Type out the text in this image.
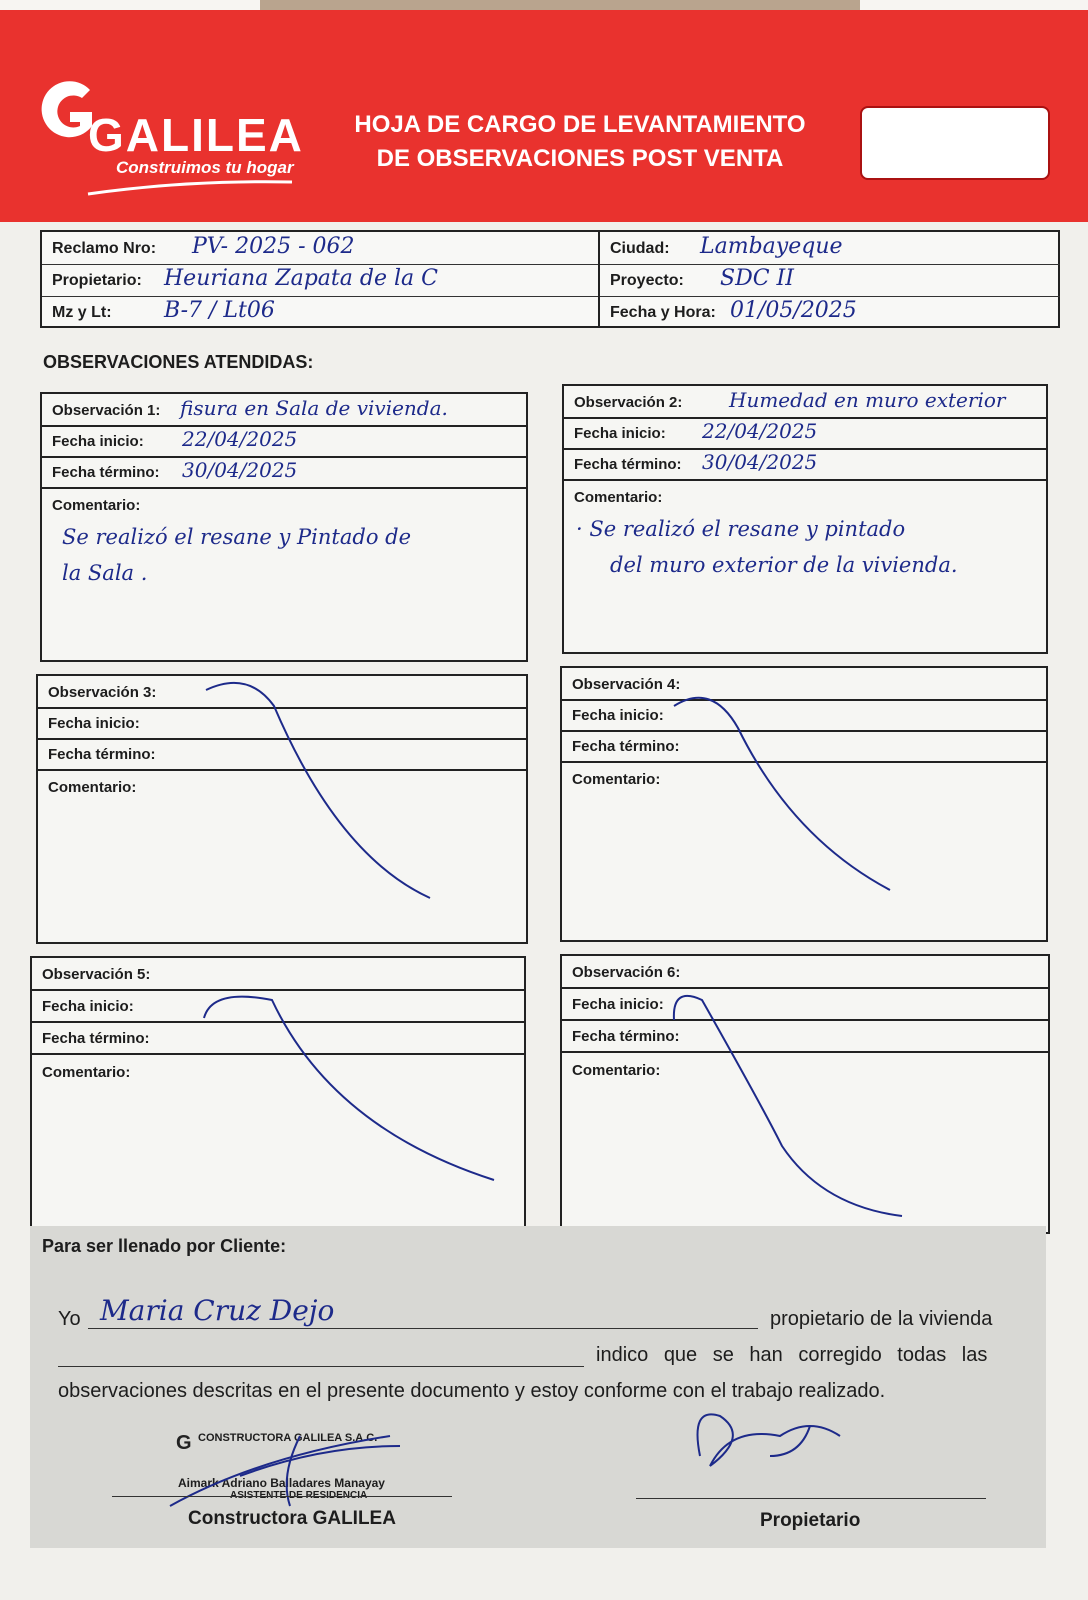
GALILEA
Construimos tu hogar
HOJA DE CARGO DE LEVANTAMIENTO
DE OBSERVACIONES POST VENTA
Reclamo Nro: PV- 2025 - 062
Propietario: Heuriana Zapata de la C
Mz y Lt: B-7 / Lt06
Ciudad: Lambayeque
Proyecto: SDC II
Fecha y Hora: 01/05/2025
OBSERVACIONES ATENDIDAS:
Observación 1: fisura en Sala de vivienda.
Fecha inicio: 22/04/2025
Fecha término: 30/04/2025
Comentario:
Se realizó el resane y Pintado de
la Sala .
Observación 2: Humedad en muro exterior
Fecha inicio: 22/04/2025
Fecha término: 30/04/2025
Comentario:
· Se realizó el resane y pintado
del muro exterior de la vivienda.
Observación 3:
Fecha inicio:
Fecha término:
Comentario:
Observación 4:
Fecha inicio:
Fecha término:
Comentario:
Observación 5:
Fecha inicio:
Fecha término:
Comentario:
Observación 6:
Fecha inicio:
Fecha término:
Comentario:
Para ser llenado por Cliente:
Yo Maria Cruz Dejo	propietario de la vivienda
indico que se han corregido todas las
observaciones descritas en el presente documento y estoy conforme con el trabajo realizado.
G CONSTRUCTORA GALILEA S.A.C.
Aimark Adriano Balladares Manayay
Constructora GALILEA	Propietario
